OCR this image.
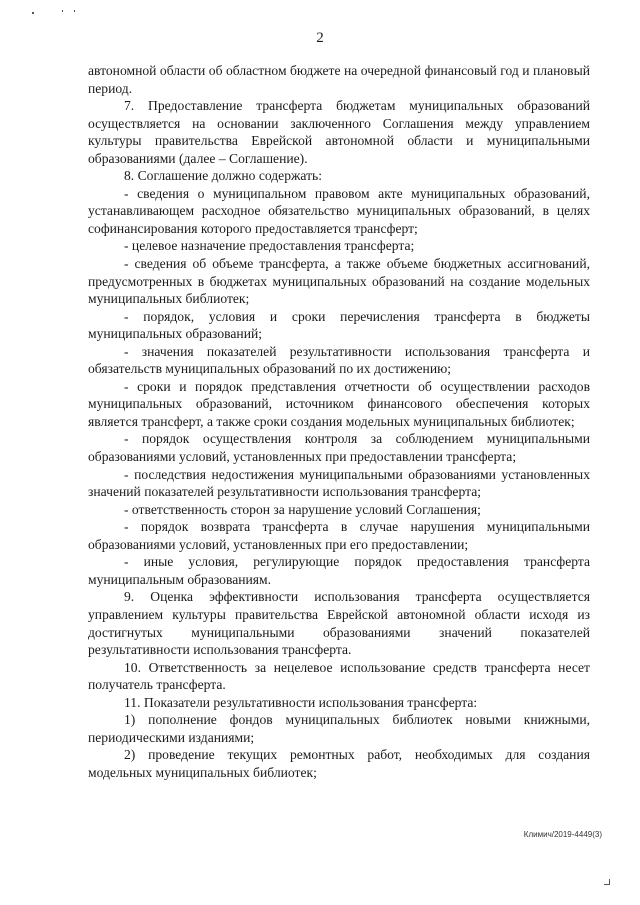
2

автономной области об областном бюджете на очередной финансовый год и плановый период.

7. Предоставление трансферта бюджетам муниципальных образований осуществляется на основании заключенного Соглашения между управлением культуры правительства Еврейской автономной области и муниципальными образованиями (далее – Соглашение).

8. Соглашение должно содержать:

- сведения о муниципальном правовом акте муниципальных образований, устанавливающем расходное обязательство муниципальных образований, в целях софинансирования которого предоставляется трансферт;

- целевое назначение предоставления трансферта;

- сведения об объеме трансферта, а также объеме бюджетных ассигнований, предусмотренных в бюджетах муниципальных образований на создание модельных муниципальных библиотек;

- порядок, условия и сроки перечисления трансферта в бюджеты муниципальных образований;

- значения показателей результативности использования трансферта и обязательств муниципальных образований по их достижению;

- сроки и порядок представления отчетности об осуществлении расходов муниципальных образований, источником финансового обеспечения которых является трансферт, а также сроки создания модельных муниципальных библиотек;

- порядок осуществления контроля за соблюдением муниципальными образованиями условий, установленных при предоставлении трансферта;

- последствия недостижения муниципальными образованиями установленных значений показателей результативности использования трансферта;

- ответственность сторон за нарушение условий Соглашения;

- порядок возврата трансферта в случае нарушения муниципальными образованиями условий, установленных при его предоставлении;

- иные условия, регулирующие порядок предоставления трансферта муниципальным образованиям.

9. Оценка эффективности использования трансферта осуществляется управлением культуры правительства Еврейской автономной области исходя из достигнутых муниципальными образованиями значений показателей результативности использования трансферта.

10. Ответственность за нецелевое использование средств трансферта несет получатель трансферта.

11. Показатели результативности использования трансферта:

1) пополнение фондов муниципальных библиотек новыми книжными, периодическими изданиями;

2) проведение текущих ремонтных работ, необходимых для создания модельных муниципальных библиотек;

Климич/2019-4449(3)
